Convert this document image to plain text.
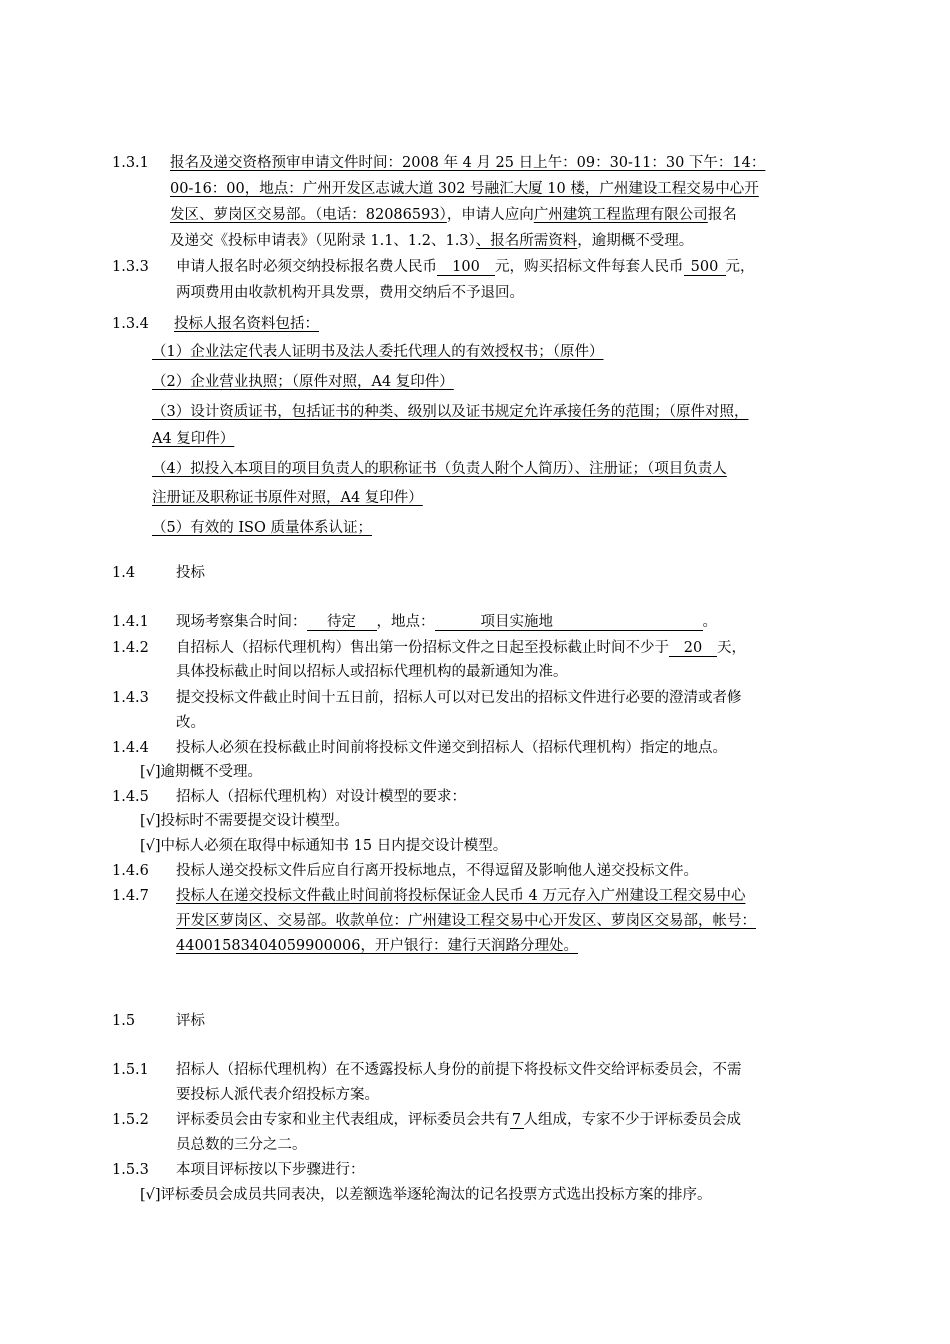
1.3.1 报名及递交资格预审申请文件时间：2008 年 4 月 25 日上午：09：30-11：30 下午：14：
00-16：00，地点：广州开发区志诚大道 302 号融汇大厦 10 楼，广州建设工程交易中心开
发区、萝岗区交易部。（电话：82086593），申请人应向广州建筑工程监理有限公司报名
及递交《投标申请表》（见附录 1.1、1.2、1.3）、报名所需资料，逾期概不受理。
1.3.3 申请人报名时必须交纳投标报名费人民币 100 元，购买招标文件每套人民币 500 元，
两项费用由收款机构开具发票，费用交纳后不予退回。
1.3.4 投标人报名资料包括：
（1）企业法定代表人证明书及法人委托代理人的有效授权书；（原件）
（2）企业营业执照；（原件对照，A4 复印件）
（3）设计资质证书，包括证书的种类、级别以及证书规定允许承接任务的范围；（原件对照，
A4 复印件）
（4）拟投入本项目的项目负责人的职称证书（负责人附个人简历）、注册证；（项目负责人
注册证及职称证书原件对照，A4 复印件）
（5）有效的 ISO 质量体系认证；
1.4	投标
1.4.1 现场考察集合时间： 待定 ，地点：	项目实施地	。
1.4.2 自招标人（招标代理机构）售出第一份招标文件之日起至投标截止时间不少于 20 天，
具体投标截止时间以招标人或招标代理机构的最新通知为准。
1.4.3 提交投标文件截止时间十五日前，招标人可以对已发出的招标文件进行必要的澄清或者修
改。
1.4.4 投标人必须在投标截止时间前将投标文件递交到招标人（招标代理机构）指定的地点。
[√]逾期概不受理。
1.4.5 招标人（招标代理机构）对设计模型的要求：
[√]投标时不需要提交设计模型。
[√]中标人必须在取得中标通知书 15 日内提交设计模型。
1.4.6 投标人递交投标文件后应自行离开投标地点，不得逗留及影响他人递交投标文件。
1.4.7 投标人在递交投标文件截止时间前将投标保证金人民币 4 万元存入广州建设工程交易中心
开发区萝岗区、交易部。收款单位：广州建设工程交易中心开发区、萝岗区交易部，帐号：
44001583404059900006，开户银行：建行天润路分理处。
1.5	评标
1.5.1 招标人（招标代理机构）在不透露投标人身份的前提下将投标文件交给评标委员会，不需
要投标人派代表介绍投标方案。
1.5.2 评标委员会由专家和业主代表组成，评标委员会共有 7 人组成，专家不少于评标委员会成
员总数的三分之二。
1.5.3 本项目评标按以下步骤进行：
[√]评标委员会成员共同表决，以差额选举逐轮淘汰的记名投票方式选出投标方案的排序。
